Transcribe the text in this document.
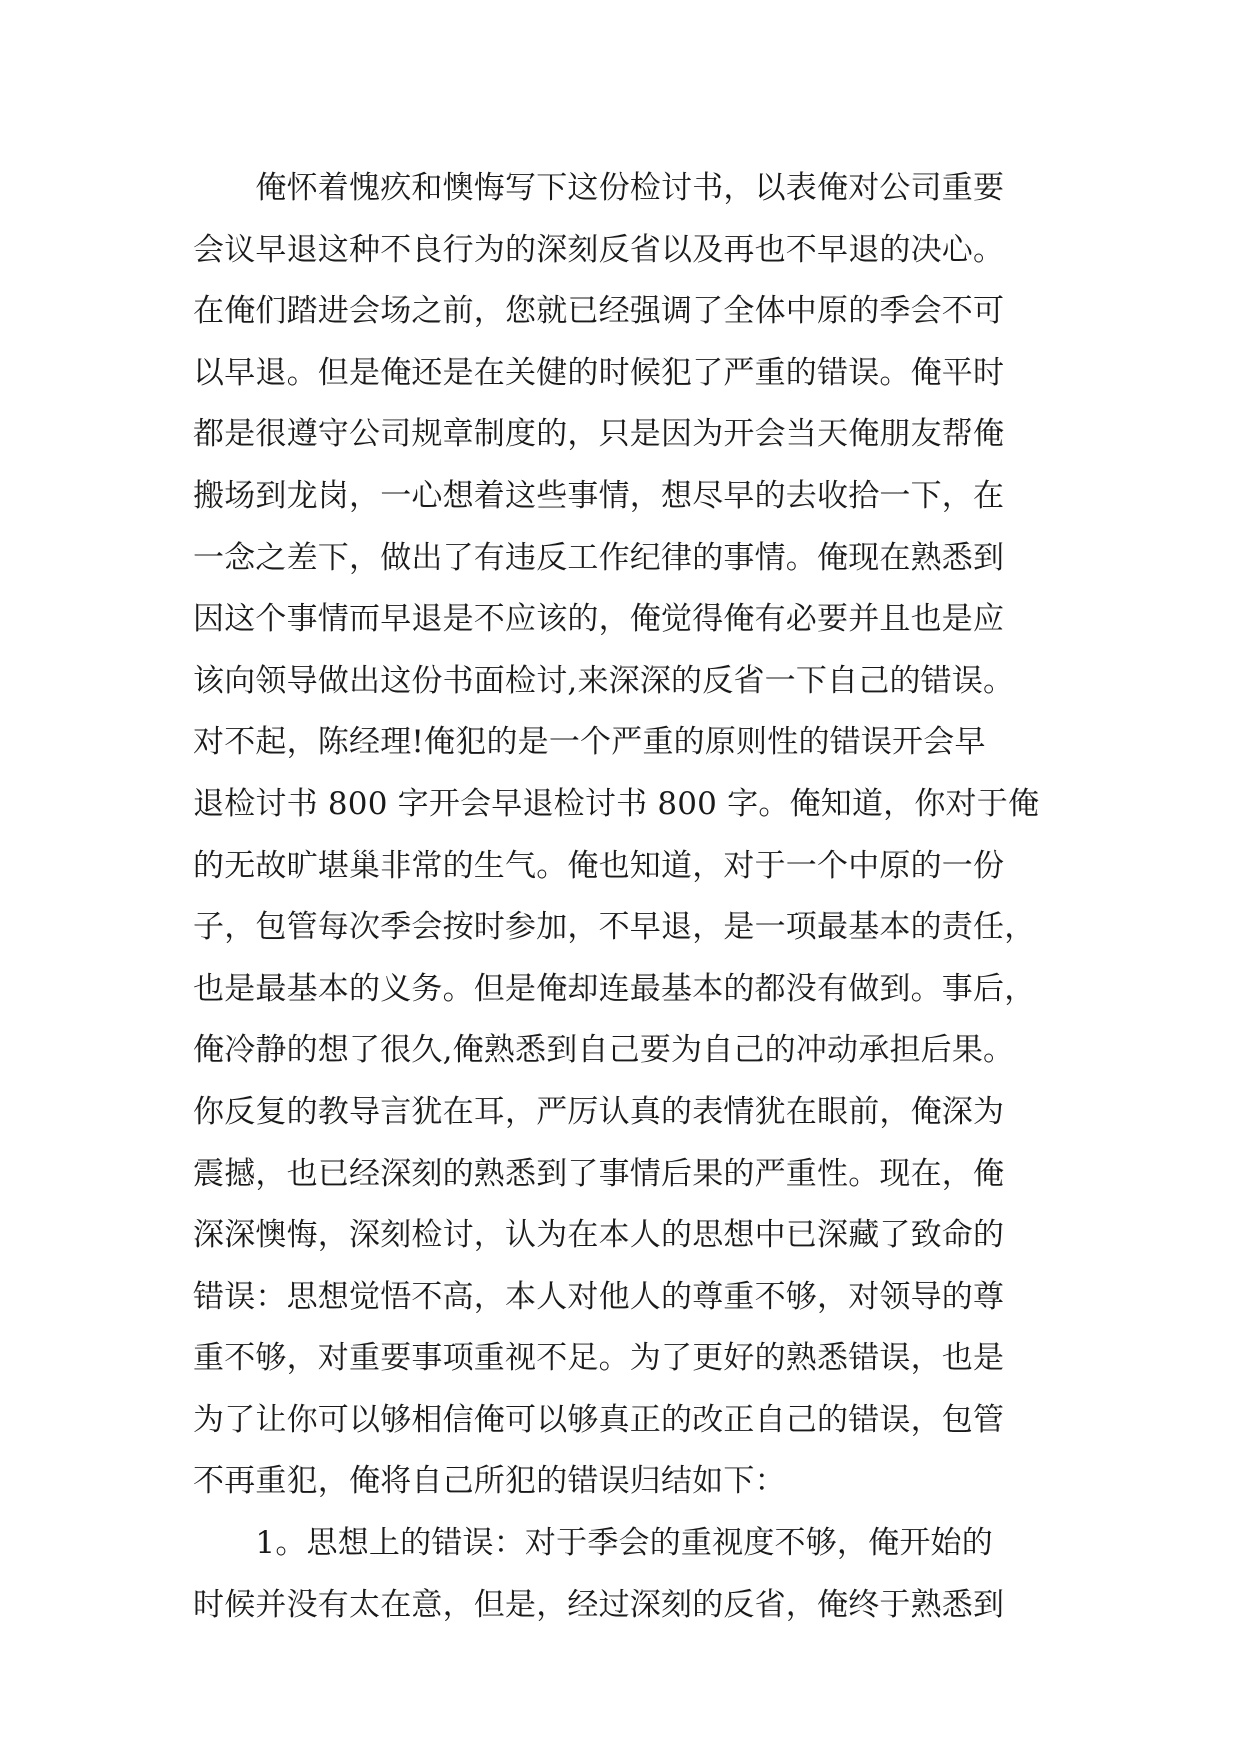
　　俺怀着愧疚和懊悔写下这份检讨书，以表俺对公司重要
会议早退这种不良行为的深刻反省以及再也不早退的决心。
在俺们踏进会场之前，您就已经强调了全体中原的季会不可
以早退。但是俺还是在关健的时候犯了严重的错误。俺平时
都是很遵守公司规章制度的，只是因为开会当天俺朋友帮俺
搬场到龙岗，一心想着这些事情，想尽早的去收拾一下，在
一念之差下，做出了有违反工作纪律的事情。俺现在熟悉到
因这个事情而早退是不应该的，俺觉得俺有必要并且也是应
该向领导做出这份书面检讨,来深深的反省一下自己的错误。
对不起，陈经理!俺犯的是一个严重的原则性的错误开会早
退检讨书 800 字开会早退检讨书 800 字。俺知道，你对于俺
的无故旷堪巢非常的生气。俺也知道，对于一个中原的一份
子，包管每次季会按时参加，不早退，是一项最基本的责任，
也是最基本的义务。但是俺却连最基本的都没有做到。事后，
俺冷静的想了很久,俺熟悉到自己要为自己的冲动承担后果。
你反复的教导言犹在耳，严厉认真的表情犹在眼前，俺深为
震撼，也已经深刻的熟悉到了事情后果的严重性。现在，俺
深深懊悔，深刻检讨，认为在本人的思想中已深藏了致命的
错误：思想觉悟不高，本人对他人的尊重不够，对领导的尊
重不够，对重要事项重视不足。为了更好的熟悉错误，也是
为了让你可以够相信俺可以够真正的改正自己的错误，包管
不再重犯，俺将自己所犯的错误归结如下：
　　1。思想上的错误：对于季会的重视度不够，俺开始的
时候并没有太在意，但是，经过深刻的反省，俺终于熟悉到
